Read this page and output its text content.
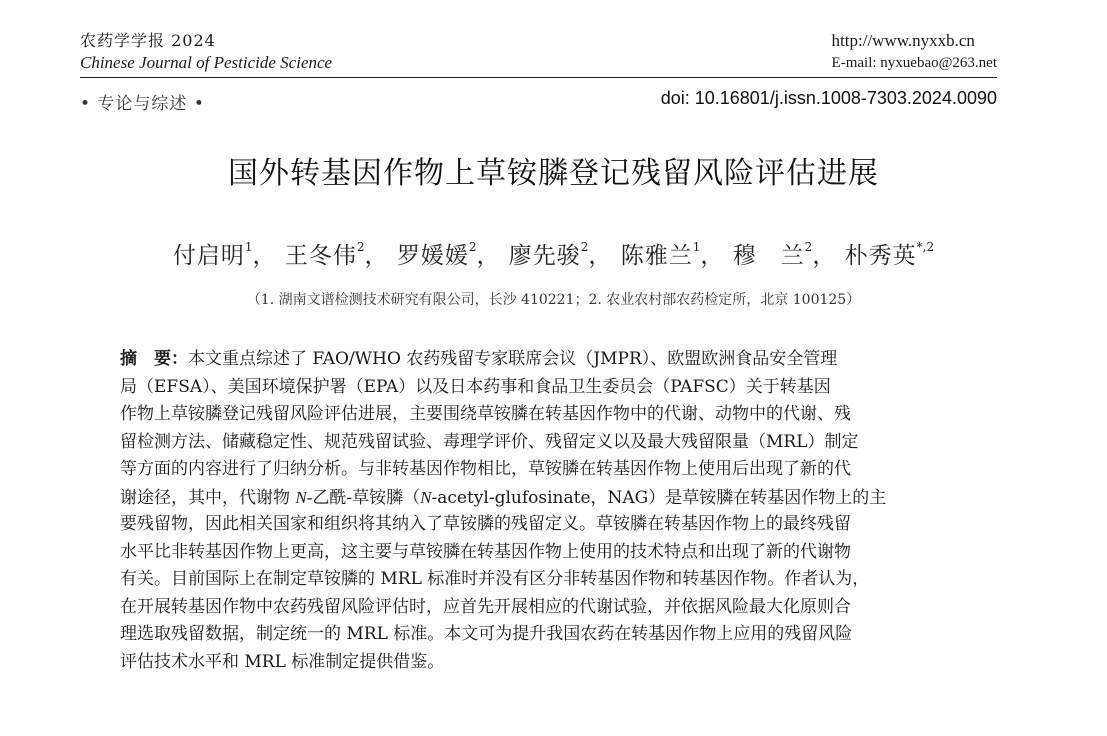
农药学学报 2024
Chinese Journal of Pesticide Science
http://www.nyxxb.cn
E-mail: nyxuebao@263.net
• 专论与综述 •	doi: 10.16801/j.issn.1008-7303.2024.0090
国外转基因作物上草铵膦登记残留风险评估进展
付启明$^1$， 王冬伟$^2$， 罗媛媛$^2$， 廖先骏$^2$， 陈雅兰$^1$， 穆　兰$^2$， 朴秀英$^{*,2}$
（1. 湖南文谱检测技术研究有限公司，长沙 410221；2. 农业农村部农药检定所，北京 100125）
摘　要：本文重点综述了 FAO/WHO 农药残留专家联席会议（JMPR）、欧盟欧洲食品安全管理
局（EFSA）、美国环境保护署（EPA）以及日本药事和食品卫生委员会（PAFSC）关于转基因
作物上草铵膦登记残留风险评估进展，主要围绕草铵膦在转基因作物中的代谢、动物中的代谢、残
留检测方法、储藏稳定性、规范残留试验、毒理学评价、残留定义以及最大残留限量（MRL）制定
等方面的内容进行了归纳分析。与非转基因作物相比，草铵膦在转基因作物上使用后出现了新的代
谢途径，其中，代谢物 N-乙酰-草铵膦（N-acetyl-glufosinate，NAG）是草铵膦在转基因作物上的主
要残留物，因此相关国家和组织将其纳入了草铵膦的残留定义。草铵膦在转基因作物上的最终残留
水平比非转基因作物上更高，这主要与草铵膦在转基因作物上使用的技术特点和出现了新的代谢物
有关。目前国际上在制定草铵膦的 MRL 标准时并没有区分非转基因作物和转基因作物。作者认为，
在开展转基因作物中农药残留风险评估时，应首先开展相应的代谢试验，并依据风险最大化原则合
理选取残留数据，制定统一的 MRL 标准。本文可为提升我国农药在转基因作物上应用的残留风险
评估技术水平和 MRL 标准制定提供借鉴。
